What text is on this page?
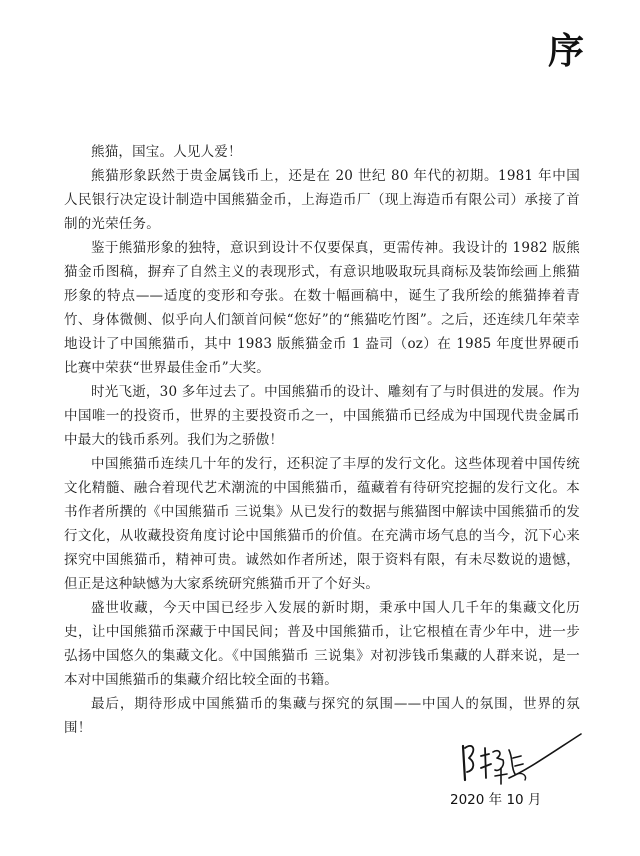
序

熊猫，国宝。人见人爱！

熊猫形象跃然于贵金属钱币上，还是在 20 世纪 80 年代的初期。1981 年中国人民银行决定设计制造中国熊猫金币，上海造币厂（现上海造币有限公司）承接了首制的光荣任务。

鉴于熊猫形象的独特，意识到设计不仅要保真，更需传神。我设计的 1982 版熊猫金币图稿，摒弃了自然主义的表现形式，有意识地吸取玩具商标及装饰绘画上熊猫形象的特点——适度的变形和夸张。在数十幅画稿中，诞生了我所绘的熊猫捧着青竹、身体微侧、似乎向人们颔首问候“您好”的“熊猫吃竹图”。之后，还连续几年荣幸地设计了中国熊猫币，其中 1983 版熊猫金币 1 盎司（oz）在 1985 年度世界硬币比赛中荣获“世界最佳金币”大奖。

时光飞逝，30 多年过去了。中国熊猫币的设计、雕刻有了与时俱进的发展。作为中国唯一的投资币，世界的主要投资币之一，中国熊猫币已经成为中国现代贵金属币中最大的钱币系列。我们为之骄傲！

中国熊猫币连续几十年的发行，还积淀了丰厚的发行文化。这些体现着中国传统文化精髓、融合着现代艺术潮流的中国熊猫币，蕴藏着有待研究挖掘的发行文化。本书作者所撰的《中国熊猫币 三说集》从已发行的数据与熊猫图中解读中国熊猫币的发行文化，从收藏投资角度讨论中国熊猫币的价值。在充满市场气息的当今，沉下心来探究中国熊猫币，精神可贵。诚然如作者所述，限于资料有限，有未尽数说的遗憾，但正是这种缺憾为大家系统研究熊猫币开了个好头。

盛世收藏，今天中国已经步入发展的新时期，秉承中国人几千年的集藏文化历史，让中国熊猫币深藏于中国民间；普及中国熊猫币，让它根植在青少年中，进一步弘扬中国悠久的集藏文化。《中国熊猫币 三说集》对初涉钱币集藏的人群来说，是一本对中国熊猫币的集藏介绍比较全面的书籍。

最后，期待形成中国熊猫币的集藏与探究的氛围——中国人的氛围，世界的氛围！

2020 年 10 月
